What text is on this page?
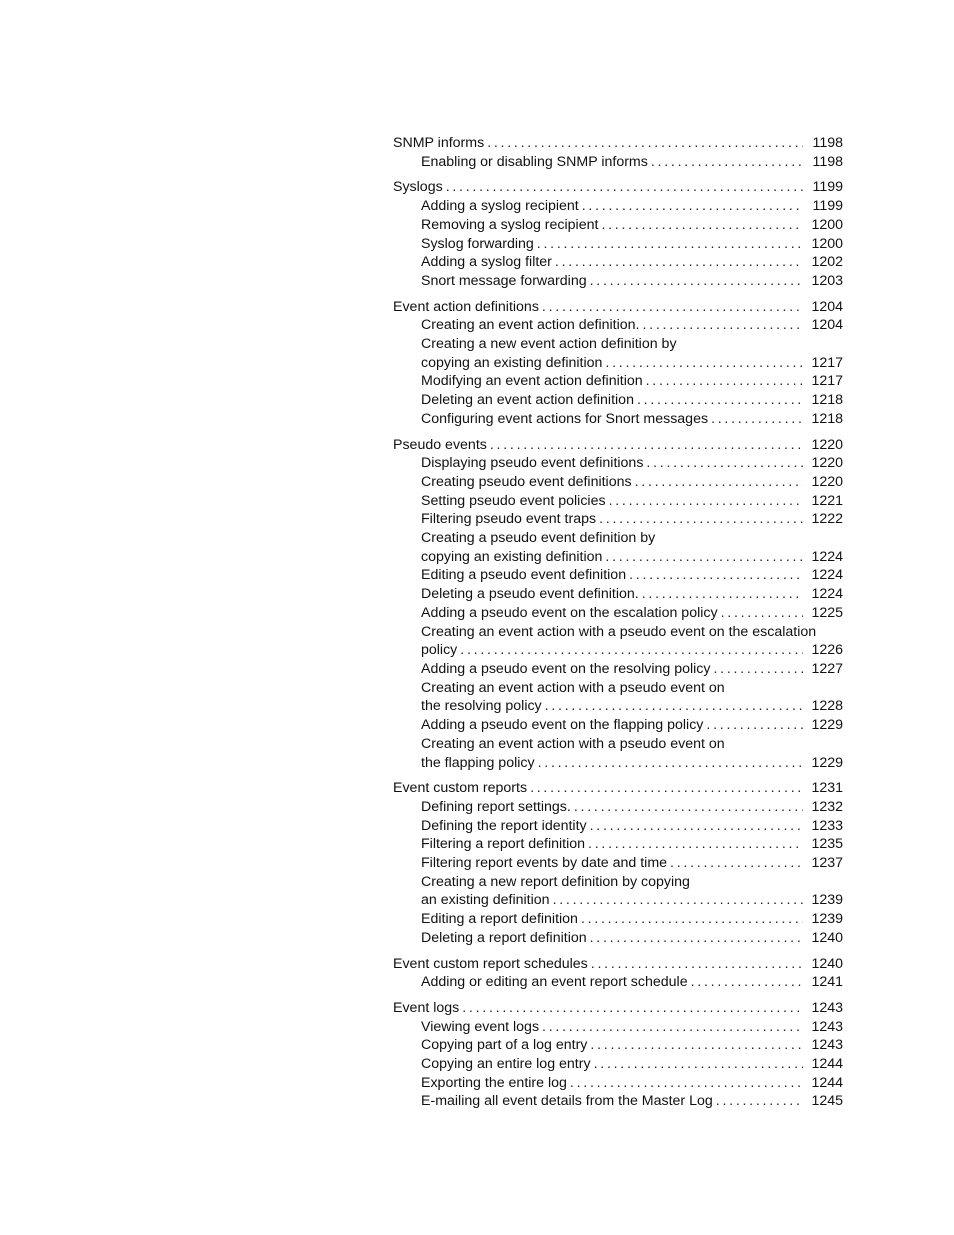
SNMP informs . . .	1198
Enabling or disabling SNMP informs . . .	1198
Syslogs . . .	1199
Adding a syslog recipient . . .	1199
Removing a syslog recipient . . .	1200
Syslog forwarding . . .	1200
Adding a syslog filter . . .	1202
Snort message forwarding . . .	1203
Event action definitions . . .	1204
Creating an event action definition. . . .	1204
Creating a new event action definition by
copying an existing definition . . .	1217
Modifying an event action definition . . .	1217
Deleting an event action definition . . .	1218
Configuring event actions for Snort messages . . .	1218
Pseudo events . . .	1220
Displaying pseudo event definitions . . .	1220
Creating pseudo event definitions . . .	1220
Setting pseudo event policies . . .	1221
Filtering pseudo event traps . . .	1222
Creating a pseudo event definition by
copying an existing definition . . .	1224
Editing a pseudo event definition . . .	1224
Deleting a pseudo event definition. . . .	1224
Adding a pseudo event on the escalation policy . . .	1225
Creating an event action with a pseudo event on the escalation
policy . . .	1226
Adding a pseudo event on the resolving policy . . .	1227
Creating an event action with a pseudo event on
the resolving policy . . .	1228
Adding a pseudo event on the flapping policy . . .	1229
Creating an event action with a pseudo event on
the flapping policy . . .	1229
Event custom reports . . .	1231
Defining report settings. . . .	1232
Defining the report identity . . .	1233
Filtering a report definition . . .	1235
Filtering report events by date and time . . .	1237
Creating a new report definition by copying
an existing definition . . .	1239
Editing a report definition . . .	1239
Deleting a report definition . . .	1240
Event custom report schedules . . .	1240
Adding or editing an event report schedule . . .	1241
Event logs . . .	1243
Viewing event logs . . .	1243
Copying part of a log entry . . .	1243
Copying an entire log entry . . .	1244
Exporting the entire log . . .	1244
E-mailing all event details from the Master Log . . .	1245
